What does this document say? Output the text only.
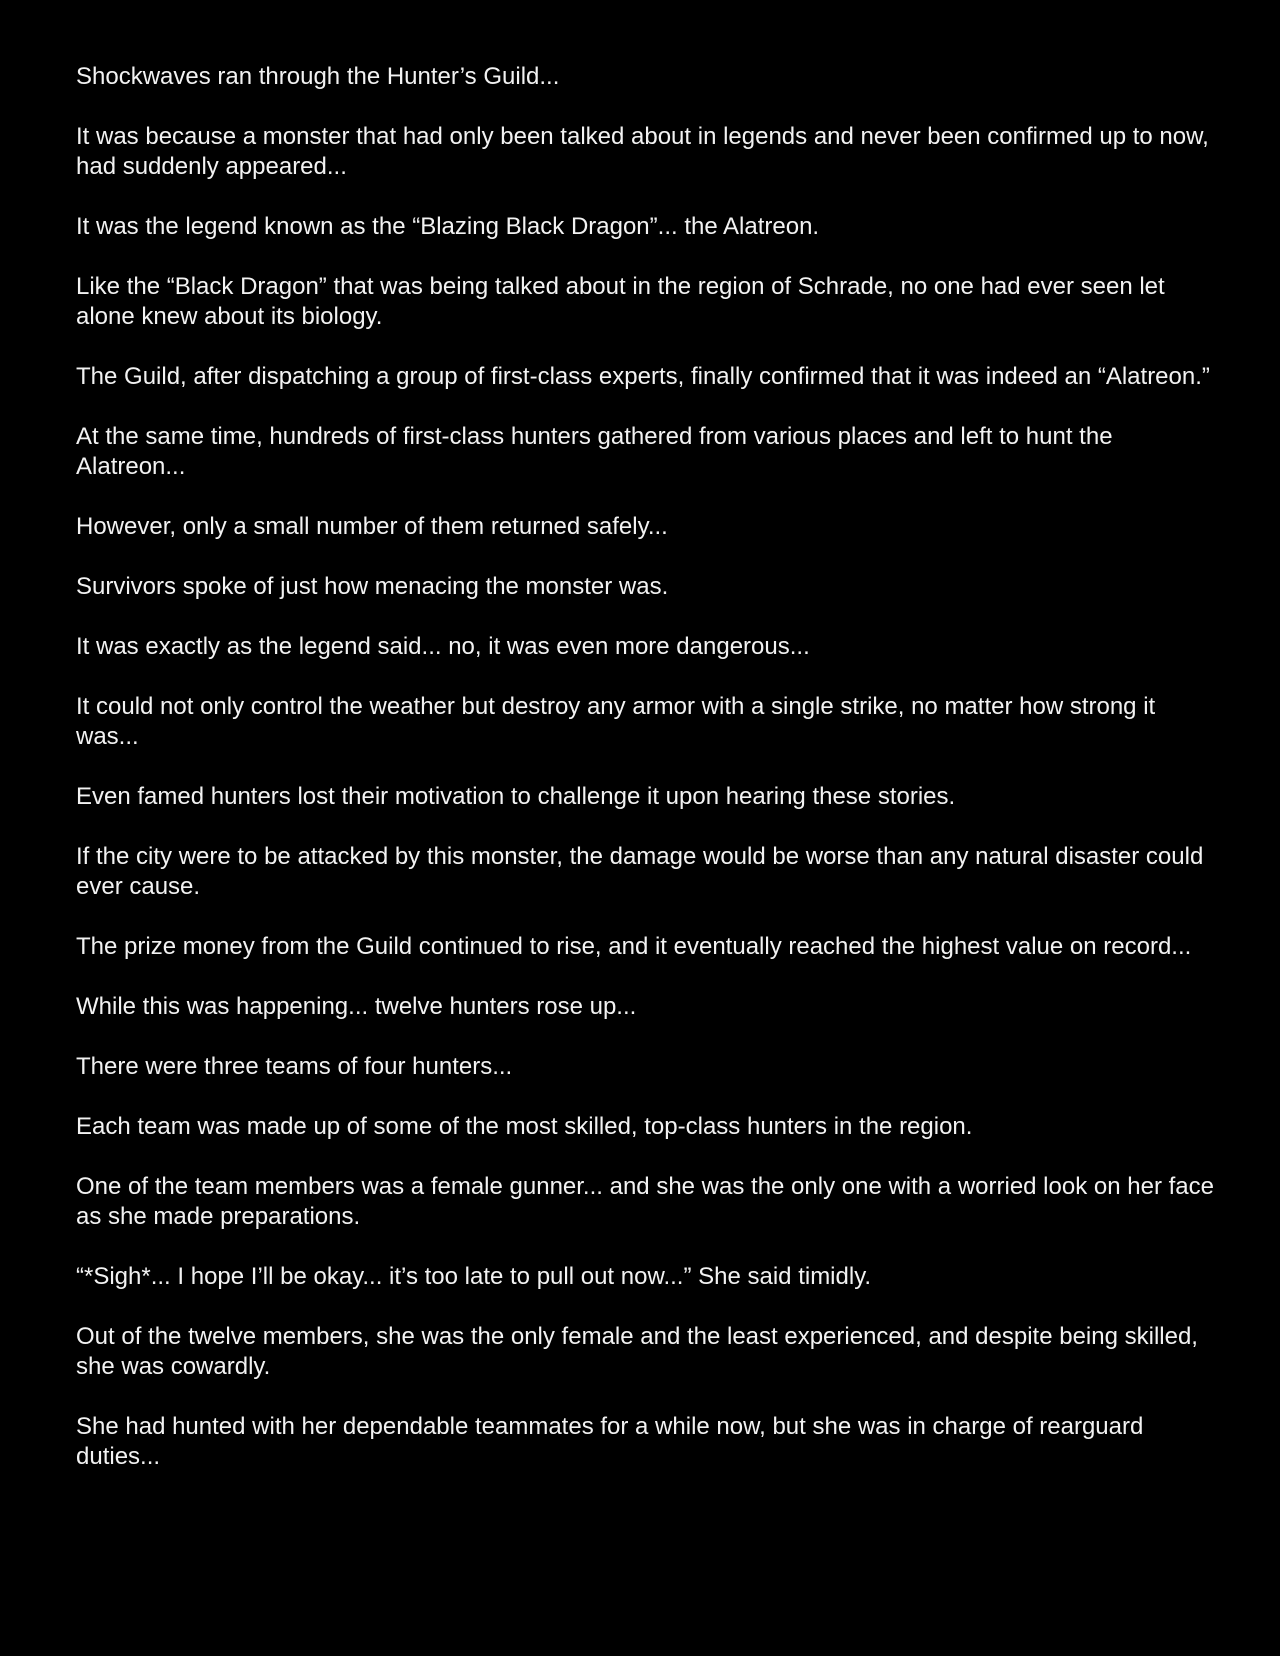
Shockwaves ran through the Hunter’s Guild...

It was because a monster that had only been talked about in legends and never been confirmed up to now, had suddenly appeared...

It was the legend known as the “Blazing Black Dragon”... the Alatreon.

Like the “Black Dragon” that was being talked about in the region of Schrade, no one had ever seen let alone knew about its biology.

The Guild, after dispatching a group of first-class experts, finally confirmed that it was indeed an “Alatreon.”

At the same time, hundreds of first-class hunters gathered from various places and left to hunt the Alatreon...

However, only a small number of them returned safely...

Survivors spoke of just how menacing the monster was.

It was exactly as the legend said... no, it was even more dangerous...

It could not only control the weather but destroy any armor with a single strike, no matter how strong it was...

Even famed hunters lost their motivation to challenge it upon hearing these stories.

If the city were to be attacked by this monster, the damage would be worse than any natural disaster could ever cause.

The prize money from the Guild continued to rise, and it eventually reached the highest value on record...

While this was happening... twelve hunters rose up...

There were three teams of four hunters...

Each team was made up of some of the most skilled, top-class hunters in the region.

One of the team members was a female gunner... and she was the only one with a worried look on her face as she made preparations.

“*Sigh*... I hope I’ll be okay... it’s too late to pull out now...” She said timidly.

Out of the twelve members, she was the only female and the least experienced, and despite being skilled, she was cowardly.

She had hunted with her dependable teammates for a while now, but she was in charge of rearguard duties...
